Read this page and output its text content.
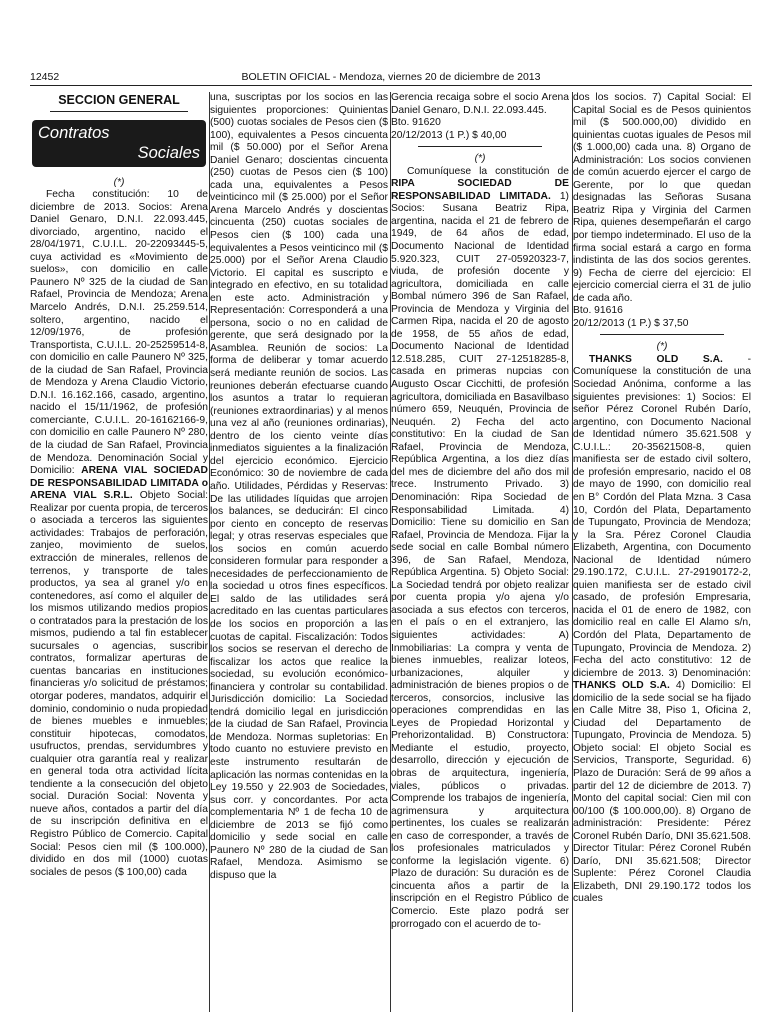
12452	BOLETIN OFICIAL - Mendoza, viernes 20 de diciembre de 2013
SECCION GENERAL
Contratos
Sociales

(*)

Fecha constitución: 10 de diciembre de 2013. Socios: Arena Daniel Genaro, D.N.I. 22.093.445, divorciado, argentino, nacido el 28/04/1971, C.U.I.L. 20-22093445-5, cuya actividad es «Movimiento de suelos», con domicilio en calle Paunero Nº 325 de la ciudad de San Rafael, Provincia de Mendoza; Arena Marcelo Andrés, D.N.I. 25.259.514, soltero, argentino, nacido el 12/09/1976, de profesión Transportista, C.U.I.L. 20-25259514-8, con domicilio en calle Paunero Nº 325, de la ciudad de San Rafael, Provincia de Mendoza y Arena Claudio Victorio, D.N.I. 16.162.166, casado, argentino, nacido el 15/11/1962, de profesión comerciante, C.U.I.L. 20-16162166-9, con domicilio en calle Paunero Nº 280, de la ciudad de San Rafael, Provincia de Mendoza. Denominación Social y Domicilio: ARENA VIAL SOCIEDAD DE RESPONSABILIDAD LIMITADA o ARENA VIAL S.R.L. Objeto Social: Realizar por cuenta propia, de terceros o asociada a terceros las siguientes actividades: Trabajos de perforación, zanjeo, movimiento de suelos, extracción de minerales, rellenos de terrenos, y transporte de tales productos, ya sea al granel y/o en contenedores, así como el alquiler de los mismos utilizando medios propios o contratados para la prestación de los mismos, pudiendo a tal fin establecer sucursales o agencias, suscribir contratos, formalizar aperturas de cuentas bancarias en instituciones financieras y/o solicitud de préstamos; otorgar poderes, mandatos, adquirir el dominio, condominio o nuda propiedad de bienes muebles e inmuebles; constituir hipotecas, comodatos, usufructos, prendas, servidumbres y cualquier otra garantía real y realizar en general toda otra actividad lícita tendiente a la consecución del objeto social. Duración Social: Noventa y nueve años, contados a partir del día de su inscripción definitiva en el Registro Público de Comercio. Capital Social: Pesos cien mil ($ 100.000), dividido en dos mil (1000) cuotas sociales de pesos ($ 100,00) cada

una, suscriptas por los socios en las siguientes proporciones: Quinientas (500) cuotas sociales de Pesos cien ($ 100), equivalentes a Pesos cincuenta mil ($ 50.000) por el Señor Arena Daniel Genaro; doscientas cincuenta (250) cuotas de Pesos cien ($ 100) cada una, equivalentes a Pesos veinticinco mil ($ 25.000) por el Señor Arena Marcelo Andrés y doscientas cincuenta (250) cuotas sociales de Pesos cien ($ 100) cada una equivalentes a Pesos veinticinco mil ($ 25.000) por el Señor Arena Claudio Victorio. El capital es suscripto e integrado en efectivo, en su totalidad en este acto. Administración y Representación: Corresponderá a una persona, socio o no en calidad de gerente, que será designado por la Asamblea. Reunión de socios: La forma de deliberar y tomar acuerdo será mediante reunión de socios. Las reuniones deberán efectuarse cuando los asuntos a tratar lo requieran (reuniones extraordinarias) y al menos una vez al año (reuniones ordinarias), dentro de los ciento veinte días inmediatos siguientes a la finalización del ejercicio económico. Ejercicio Económico: 30 de noviembre de cada año. Utilidades, Pérdidas y Reservas: De las utilidades líquidas que arrojen los balances, se deducirán: El cinco por ciento en concepto de reservas legal; y otras reservas especiales que los socios en común acuerdo consideren formular para responder a necesidades de perfeccionamiento de la sociedad u otros fines específicos. El saldo de las utilidades será acreditado en las cuentas particulares de los socios en proporción a las cuotas de capital. Fiscalización: Todos los socios se reservan el derecho de fiscalizar los actos que realice la sociedad, su evolución económico-financiera y controlar su contabilidad. Jurisdicción domicilio: La Sociedad tendrá domicilio legal en jurisdicción de la ciudad de San Rafael, Provincia de Mendoza. Normas supletorias: En todo cuanto no estuviere previsto en este instrumento resultarán de aplicación las normas contenidas en la Ley 19.550 y 22.903 de Sociedades, sus corr. y concordantes. Por acta complementaria Nº 1 de fecha 10 de diciembre de 2013 se fijó como domicilio y sede social en calle Paunero Nº 280 de la ciudad de San Rafael, Mendoza. Asimismo se dispuso que la

Gerencia recaiga sobre el socio Arena Daniel Genaro, D.N.I. 22.093.445.

Bto. 91620

20/12/2013 (1 P.) $ 40,00

(*)

Comuníquese la constitución de RIPA SOCIEDAD DE RESPONSABILIDAD LIMITADA. 1) Socios: Susana Beatriz Ripa, argentina, nacida el 21 de febrero de 1949, de 64 años de edad, Documento Nacional de Identidad 5.920.323, CUIT 27-05920323-7, viuda, de profesión docente y agricultora, domiciliada en calle Bombal número 396 de San Rafael, Provincia de Mendoza y Virginia del Carmen Ripa, nacida el 20 de agosto de 1958, de 55 años de edad, Documento Nacional de Identidad 12.518.285, CUIT 27-12518285-8, casada en primeras nupcias con Augusto Oscar Cicchitti, de profesión agricultora, domiciliada en Basavilbaso número 659, Neuquén, Provincia de Neuquén. 2) Fecha del acto constitutivo: En la ciudad de San Rafael, Provincia de Mendoza, República Argentina, a los diez días del mes de diciembre del año dos mil trece. Instrumento Privado. 3) Denominación: Ripa Sociedad de Responsabilidad Limitada. 4) Domicilio: Tiene su domicilio en San Rafael, Provincia de Mendoza. Fijar la sede social en calle Bombal número 396, de San Rafael, Mendoza, República Argentina. 5) Objeto Social: La Sociedad tendrá por objeto realizar por cuenta propia y/o ajena y/o asociada a sus efectos con terceros, en el país o en el extranjero, las siguientes actividades: A) Inmobiliarias: La compra y venta de bienes inmuebles, realizar loteos, urbanizaciones, alquiler y administración de bienes propios o de terceros, consorcios, inclusive las operaciones comprendidas en las Leyes de Propiedad Horizontal y Prehorizontalidad. B) Constructora: Mediante el estudio, proyecto, desarrollo, dirección y ejecución de obras de arquitectura, ingeniería, viales, públicos o privadas. Comprende los trabajos de ingeniería, agrimensura y arquitectura pertinentes, los cuales se realizarán en caso de corresponder, a través de los profesionales matriculados y conforme la legislación vigente. 6) Plazo de duración: Su duración es de cincuenta años a partir de la inscripción en el Registro Público de Comercio. Este plazo podrá ser prorrogado con el acuerdo de to-

dos los socios. 7) Capital Social: El Capital Social es de Pesos quinientos mil ($ 500.000,00) dividido en quinientas cuotas iguales de Pesos mil ($ 1.000,00) cada una. 8) Organo de Administración: Los socios convienen de común acuerdo ejercer el cargo de Gerente, por lo que quedan designadas las Señoras Susana Beatriz Ripa y Virginia del Carmen Ripa, quienes desempeñarán el cargo por tiempo indeterminado. El uso de la firma social estará a cargo en forma indistinta de las dos socios gerentes. 9) Fecha de cierre del ejercicio: El ejercicio comercial cierra el 31 de julio de cada año.

Bto. 91616

20/12/2013 (1 P.) $ 37,50

(*)

THANKS OLD S.A. - Comuníquese la constitución de una Sociedad Anónima, conforme a las siguientes previsiones: 1) Socios: El señor Pérez Coronel Rubén Darío, argentino, con Documento Nacional de Identidad número 35.621.508 y C.U.I.L.: 20-35621508-8, quien manifiesta ser de estado civil soltero, de profesión empresario, nacido el 08 de mayo de 1990, con domicilio real en B° Cordón del Plata Mzna. 3 Casa 10, Cordón del Plata, Departamento de Tupungato, Provincia de Mendoza; y la Sra. Pérez Coronel Claudia Elizabeth, Argentina, con Documento Nacional de Identidad número 29.190.172, C.U.I.L. 27-29190172-2, quien manifiesta ser de estado civil casado, de profesión Empresaria, nacida el 01 de enero de 1982, con domicilio real en calle El Alamo s/n, Cordón del Plata, Departamento de Tupungato, Provincia de Mendoza. 2) Fecha del acto constitutivo: 12 de diciembre de 2013. 3) Denominación: THANKS OLD S.A. 4) Domicilio: El domicilio de la sede social se ha fijado en Calle Mitre 38, Piso 1, Oficina 2, Ciudad del Departamento de Tupungato, Provincia de Mendoza. 5) Objeto social: El objeto Social es Servicios, Transporte, Seguridad. 6) Plazo de Duración: Será de 99 años a partir del 12 de diciembre de 2013. 7) Monto del capital social: Cien mil con 00/100 ($ 100.000,00). 8) Organo de administración: Presidente: Pérez Coronel Rubén Darío, DNI 35.621.508. Director Titular: Pérez Coronel Rubén Darío, DNI 35.621.508; Director Suplente: Pérez Coronel Claudia Elizabeth, DNI 29.190.172 todos los cuales
